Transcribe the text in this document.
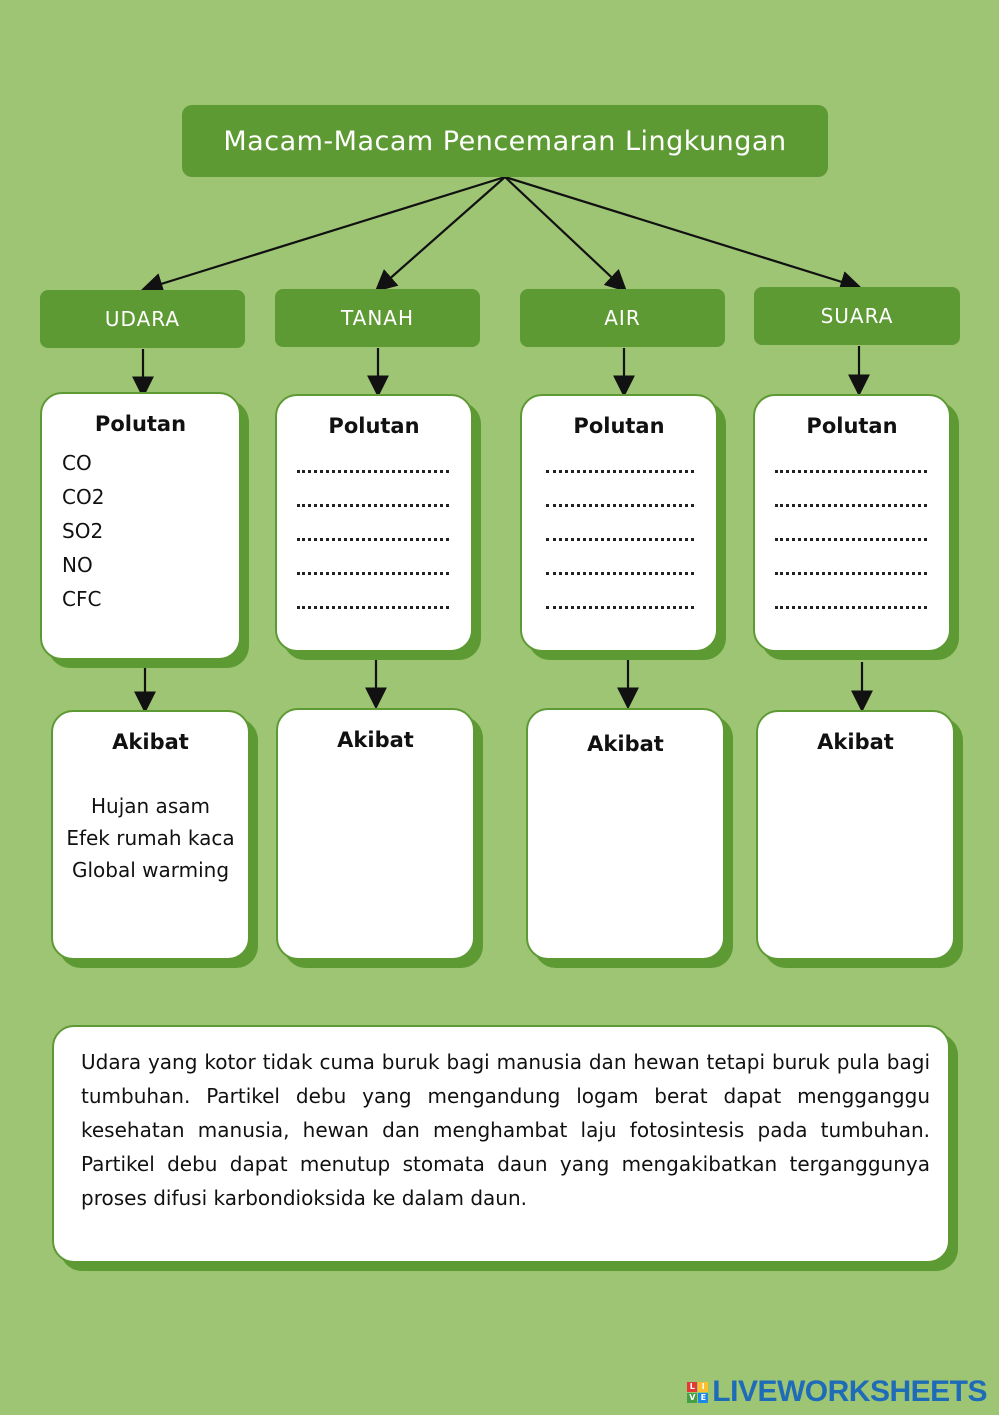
Macam-Macam Pencemaran Lingkungan
UDARA	TANAH	AIR	SUARA
Polutan
CO
CO2
SO2
NO
CFC
Polutan	Polutan	Polutan
Akibat
Hujan asam
Efek rumah kaca
Global warming
Akibat	Akibat	Akibat
Udara yang kotor tidak cuma buruk bagi manusia dan hewan tetapi buruk pula bagi tumbuhan. Partikel debu yang mengandung logam berat dapat mengganggu kesehatan manusia, hewan dan menghambat laju fotosintesis pada tumbuhan. Partikel debu dapat menutup stomata daun yang mengakibatkan terganggunya proses difusi karbondioksida ke dalam daun.
L I
V E LIVEWORKSHEETS
